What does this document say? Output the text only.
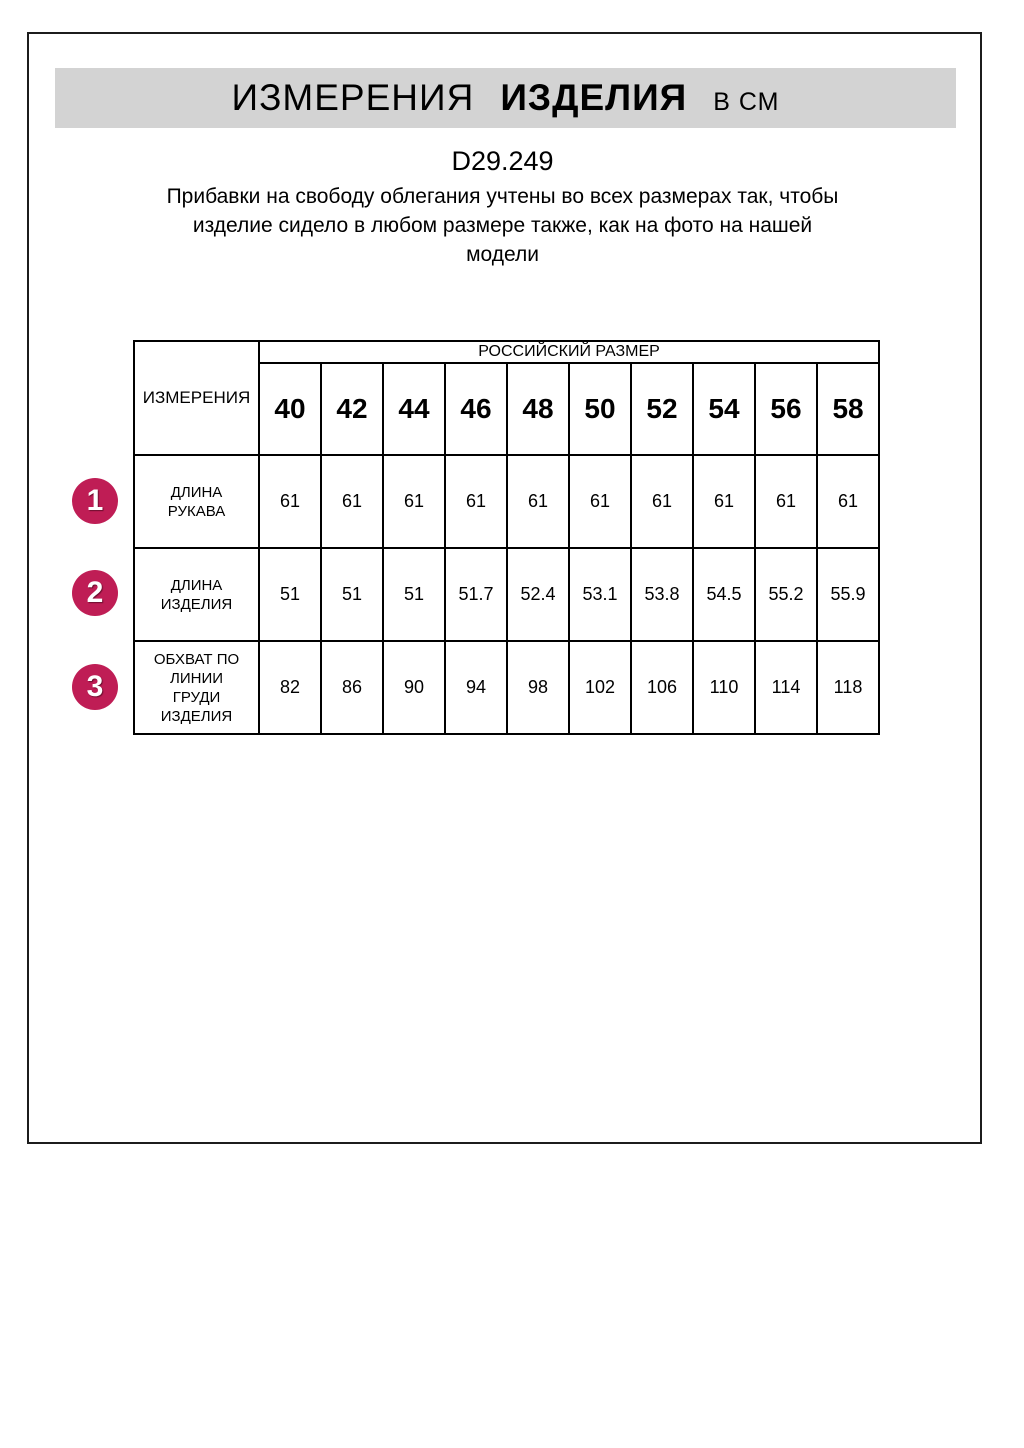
ИЗМЕРЕНИЯ ИЗДЕЛИЯ В СМ
D29.249
Прибавки на свободу облегания учтены во всех размерах так, чтобы
изделие сидело в любом размере также, как на фото на нашей
модели
ИЗМЕРЕНИЯ	РОССИЙСКИЙ РАЗМЕР									
	40	42	44	46	48	50	52	54	56	58
ДЛИНА РУКАВА	61	61	61	61	61	61	61	61	61	61
ДЛИНА ИЗДЕЛИЯ	51	51	51	51.7	52.4	53.1	53.8	54.5	55.2	55.9
ОБХВАТ ПО ЛИНИИ ГРУДИ ИЗДЕЛИЯ	82	86	90	94	98	102	106	110	114	118
1
2
3
